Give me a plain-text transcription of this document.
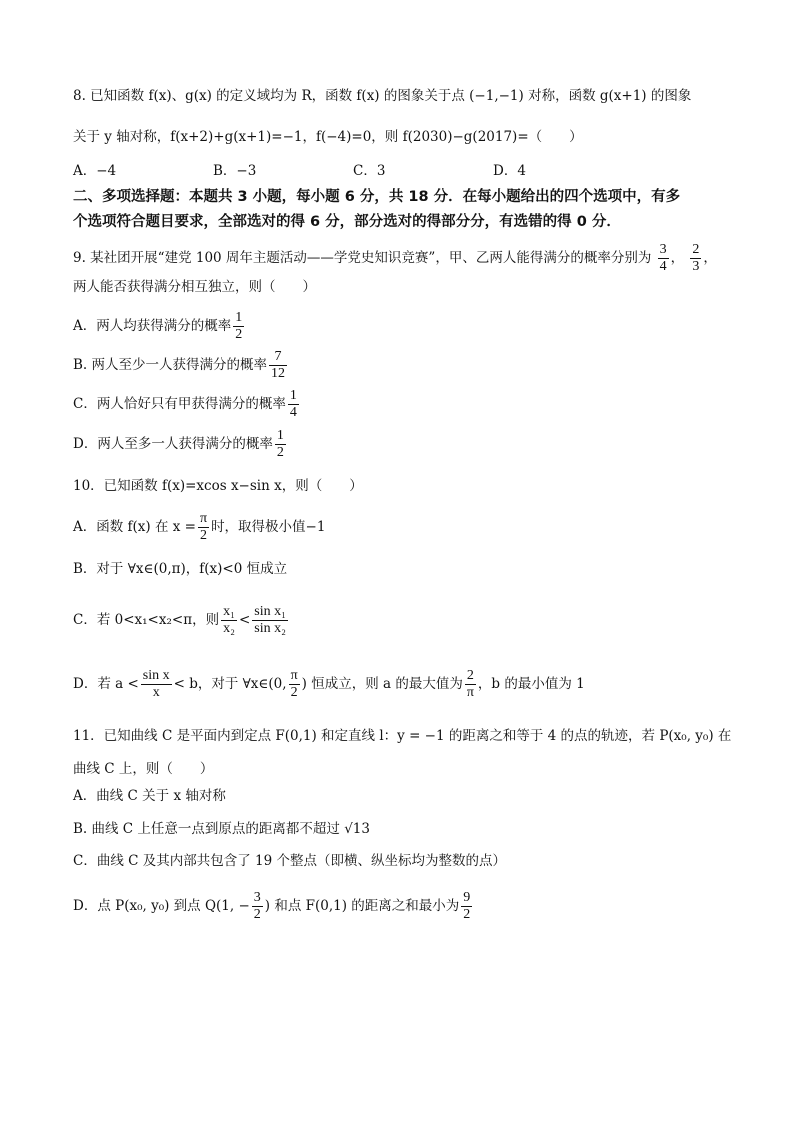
8. 已知函数 f(x)、g(x) 的定义域均为 R，函数 f(x) 的图象关于点 (−1,−1) 对称，函数 g(x+1) 的图象
关于 y 轴对称，f(x+2)+g(x+1)=−1，f(−4)=0，则 f(2030)−g(2017)=（　　）
A．−4	B．−3	C．3	D．4
二、多项选择题：本题共 3 小题，每小题 6 分，共 18 分．在每小题给出的四个选项中，有多
个选项符合题目要求，全部选对的得 6 分，部分选对的得部分分，有选错的得 0 分．
9. 某社团开展“建党 100 周年主题活动——学党史知识竞赛”，甲、乙两人能得满分的概率分别为 $\frac{3}{4}$ ， $\frac{2}{3}$ ，
两人能否获得满分相互独立，则（　　）
A．两人均获得满分的概率 $\frac{1}{2}$
B. 两人至少一人获得满分的概率 $\frac{7}{12}$
C．两人恰好只有甲获得满分的概率 $\frac{1}{4}$
D．两人至多一人获得满分的概率 $\frac{1}{2}$
10．已知函数 f(x)=xcos x−sin x，则（　　）
A．函数 f(x) 在 $x = \frac{\pi}{2}$ 时，取得极小值−1
B．对于 ∀x∈(0,π)，f(x)<0 恒成立
C．若 0<x₁<x₂<π，则 $\frac{\text{x₁}}{\text{x₂}} < \frac{\text{sin x₁}}{\text{sin x₂}}$
D．若 $a < \frac{\text{sin x}}{x} < b$，对于 ∀x∈(0, $\frac{\pi}{2}$ ) 恒成立，则 a 的最大值为 $\frac{2}{\pi}$ ，b 的最小值为 1
11．已知曲线 C 是平面内到定点 F(0,1) 和定直线 l：y = −1 的距离之和等于 4 的点的轨迹，若 P(x₀, y₀) 在
曲线 C 上，则（　　）
A．曲线 C 关于 x 轴对称
B. 曲线 C 上任意一点到原点的距离都不超过 √13
C．曲线 C 及其内部共包含了 19 个整点（即横、纵坐标均为整数的点）
D．点 P(x₀, y₀) 到点 Q(1, − $\frac{3}{2}$ ) 和点 F(0,1) 的距离之和最小为 $\frac{9}{2}$
